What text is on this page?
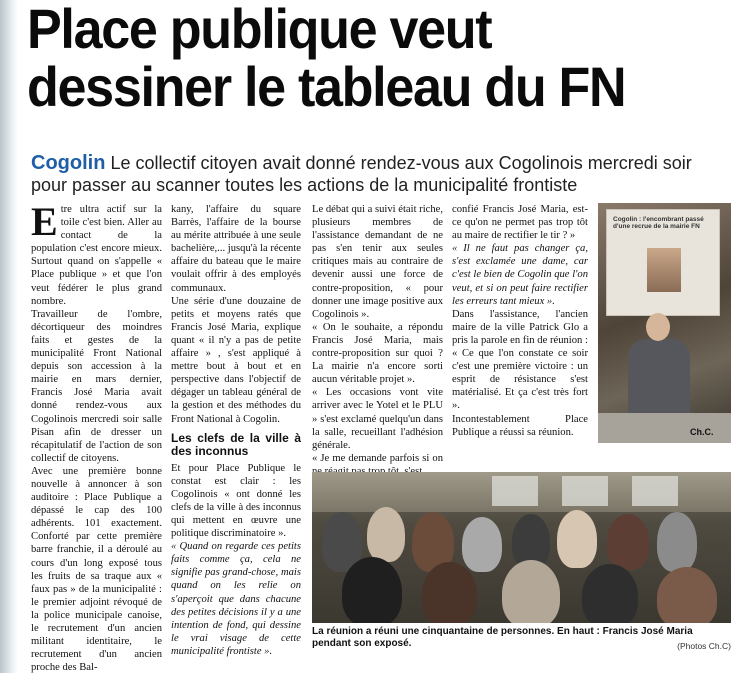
Place publique veut
dessiner le tableau du FN
Cogolin Le collectif citoyen avait donné rendez-vous aux Cogolinois mercredi soir pour passer au scanner toutes les actions de la municipalité frontiste

Etre ultra actif sur la toile c'est bien. Aller au contact de la population c'est encore mieux. Surtout quand on s'appelle « Place publique » et que l'on veut fédérer le plus grand nombre.

Travailleur de l'ombre, décortiqueur des moindres faits et gestes de la municipalité Front National depuis son accession à la mairie en mars dernier, Francis José Maria avait donné rendez-vous aux Cogolinois mercredi soir salle Pisan afin de dresser un récapitulatif de l'action de son collectif de citoyens.

Avec une première bonne nouvelle à annoncer à son auditoire : Place Publique a dépassé le cap des 100 adhérents. 101 exactement. Conforté par cette première barre franchie, il a déroulé au cours d'un long exposé tous les fruits de sa traque aux « faux pas » de la municipalité : le premier adjoint révoqué de la police municipale canoise, le recrutement d'un ancien militant identitaire, le recrutement d'un ancien proche des Bal-

kany, l'affaire du square Barrès, l'affaire de la bourse au mérite attribuée à une seule bachelière,... jusqu'à la récente affaire du bateau que le maire voulait offrir à des employés communaux.

Une série d'une douzaine de petits et moyens ratés que Francis José Maria, explique quant « il n'y a pas de petite affaire » , s'est appliqué à mettre bout à bout et en perspective dans l'objectif de dégager un tableau général de la gestion et des méthodes du Front National à Cogolin.

Les clefs de la ville à des inconnus

Et pour Place Publique le constat est clair : les Cogolinois « ont donné les clefs de la ville à des inconnus qui mettent en œuvre une politique discriminatoire ».

« Quand on regarde ces petits faits comme ça, cela ne signifie pas grand-chose, mais quand on les relie on s'aperçoit que dans chacune des petites décisions il y a une intention de fond, qui dessine le vrai visage de cette municipalité frontiste ».

Le débat qui a suivi était riche, plusieurs membres de l'assistance demandant de ne pas s'en tenir aux seules critiques mais au contraire de devenir aussi une force de contre-proposition, « pour donner une image positive aux Cogolinois ».

« On le souhaite, a répondu Francis José Maria, mais contre-proposition sur quoi ? La mairie n'a encore sorti aucun véritable projet ».

« Les occasions vont vite arriver avec le Yotel et le PLU » s'est exclamé quelqu'un dans la salle, recueillant l'adhésion générale.

« Je me demande parfois si on

confié Francis José Maria, est-ce qu'on ne permet pas trop tôt au maire de rectifier le tir ? »

« Il ne faut pas changer ça, s'est exclamée une dame, car c'est le bien de Cogolin que l'on veut, et si on peut faire rectifier les erreurs tant mieux ».

Dans l'assistance, l'ancien maire de la ville Patrick Glo a pris la parole en fin de réunion : « Ce que l'on constate ce soir c'est une première victoire : un esprit de résistance s'est matérialisé. Et ça c'est très fort ».

Incontestablement Place Publique a réussi sa réunion.

Cogolin : l'encombrant passé d'une recrue de la mairie FN
Ch.C.
La réunion a réuni une cinquantaine de personnes. En haut : Francis José Maria pendant son exposé.	(Photos Ch.C)
